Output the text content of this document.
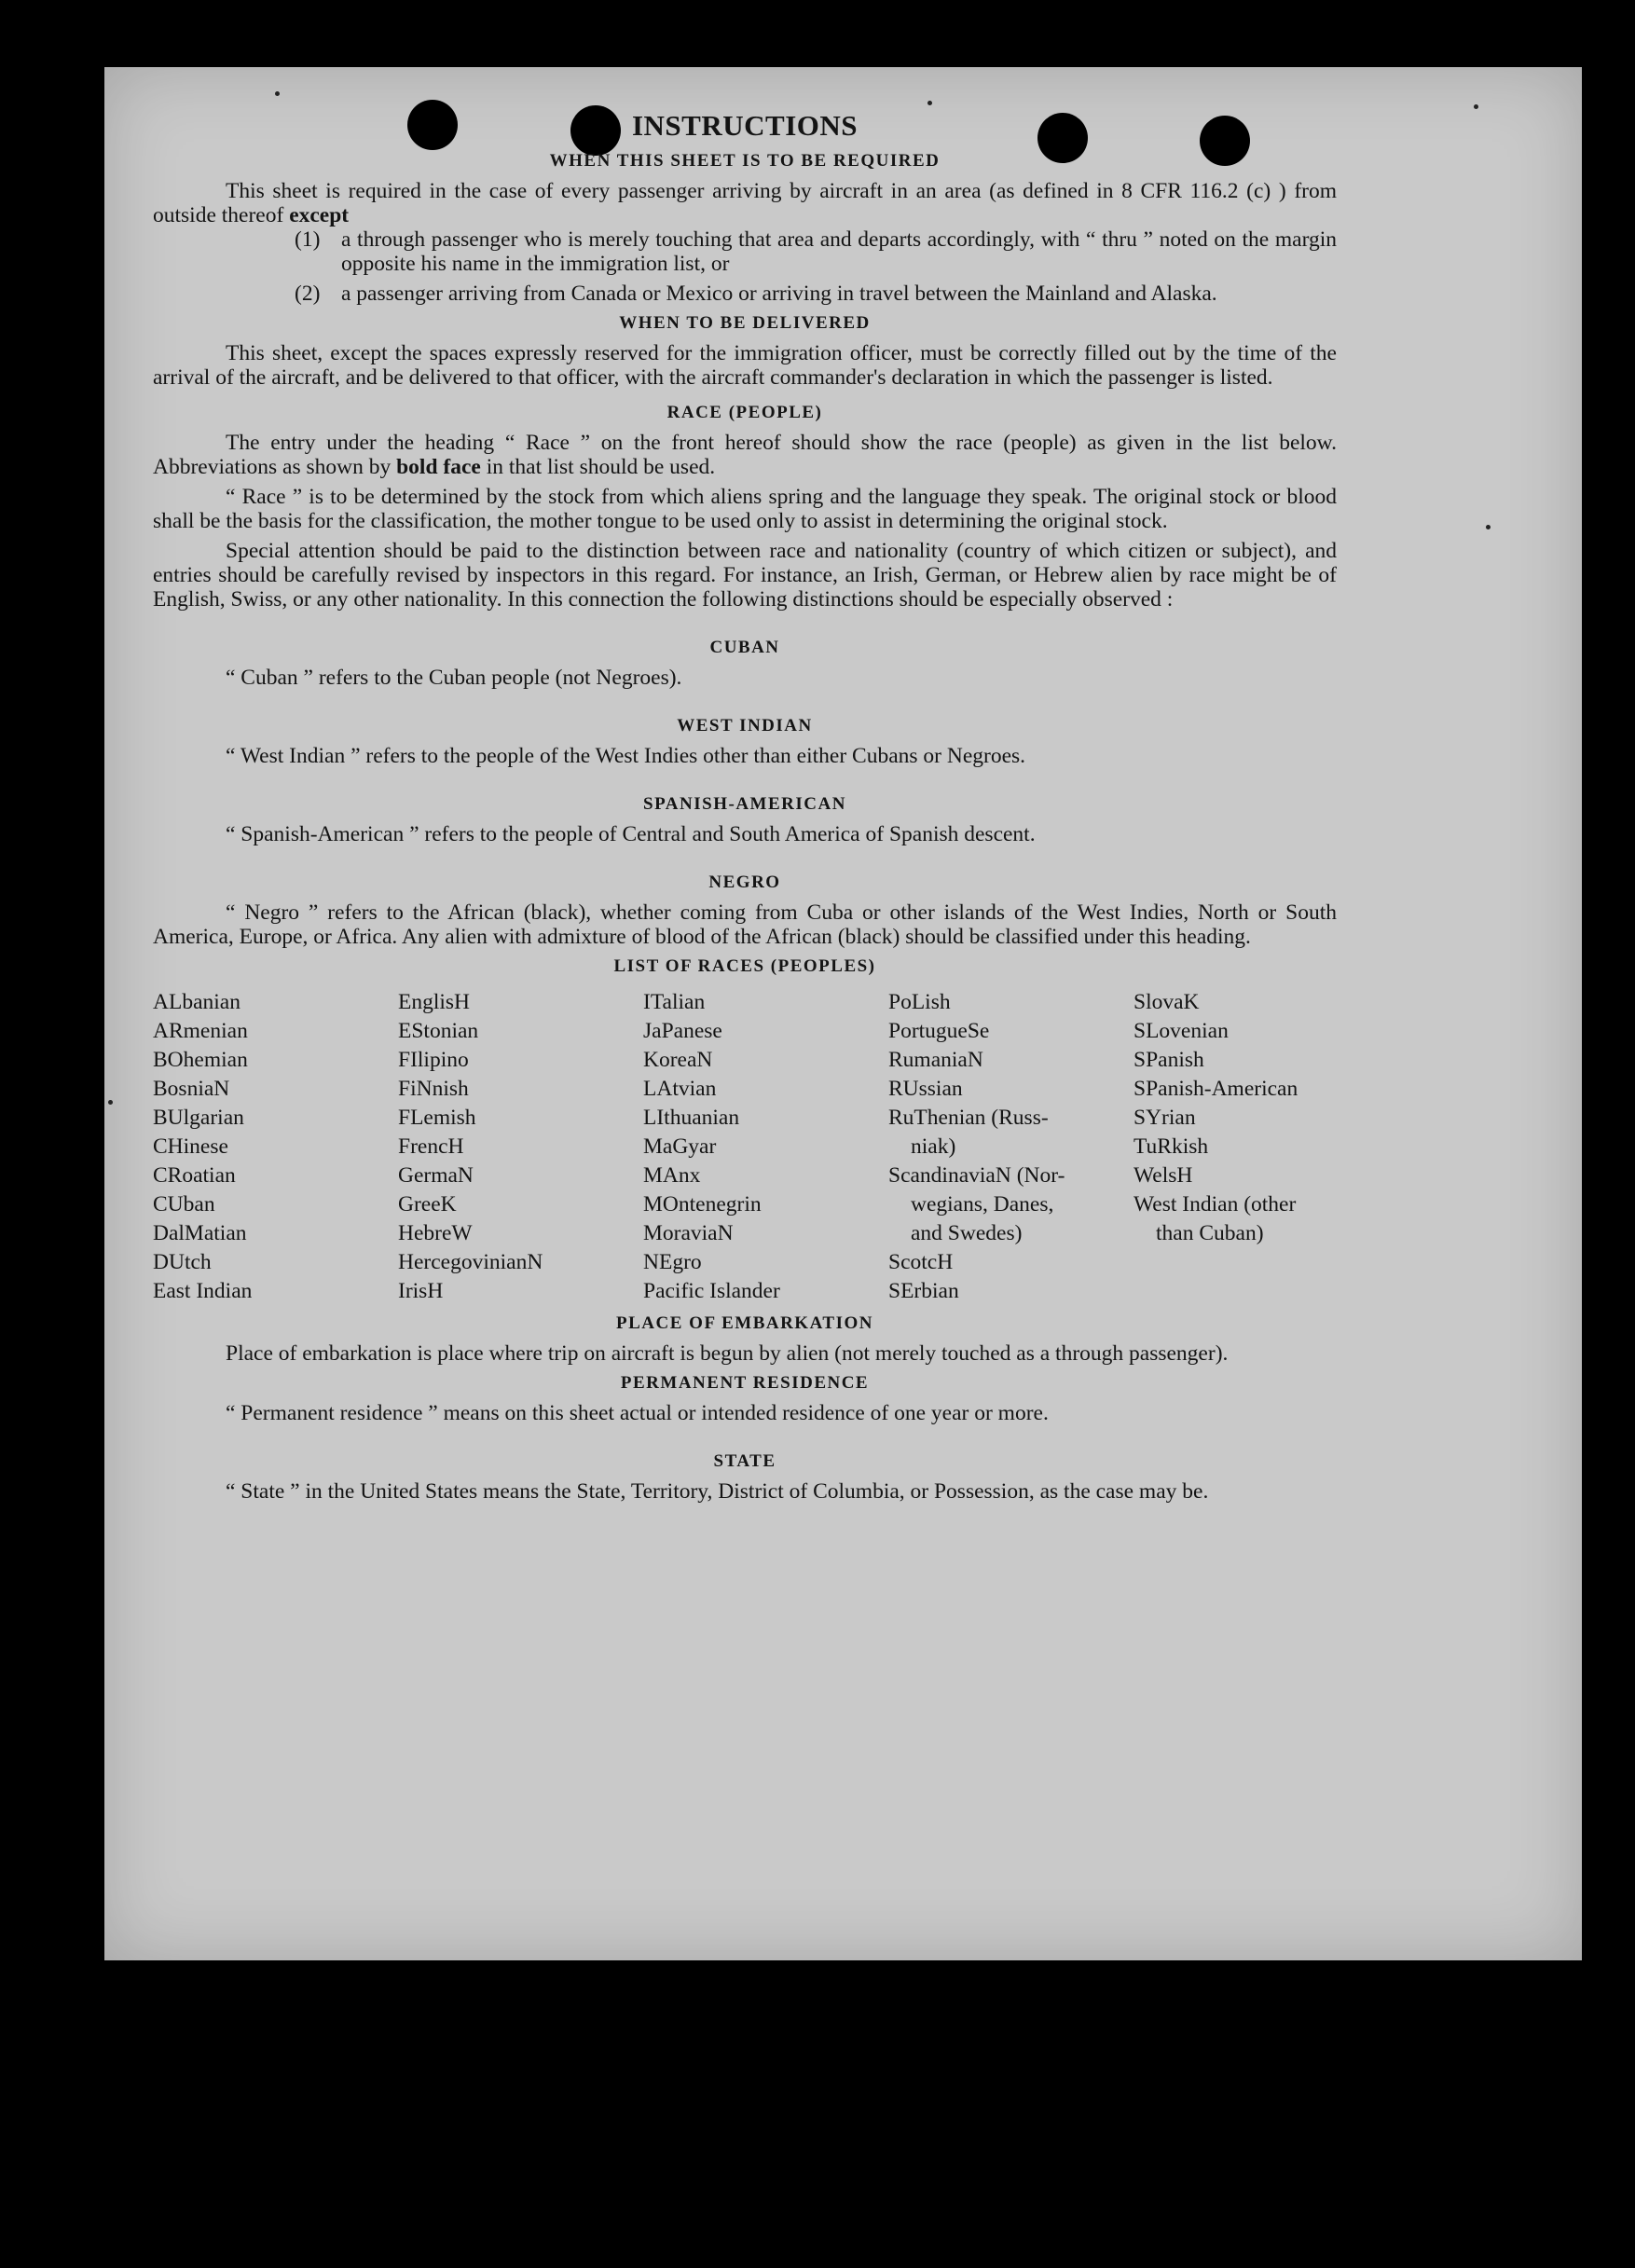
INSTRUCTIONS
WHEN THIS SHEET IS TO BE REQUIRED

This sheet is required in the case of every passenger arriving by aircraft in an area (as defined in 8 CFR 116.2 (c) ) from outside thereof except

(1) a through passenger who is merely touching that area and departs accordingly, with “ thru ” noted on the margin opposite his name in the immigration list, or
(2) a passenger arriving from Canada or Mexico or arriving in travel between the Mainland and Alaska.
WHEN TO BE DELIVERED

This sheet, except the spaces expressly reserved for the immigration officer, must be correctly filled out by the time of the arrival of the aircraft, and be delivered to that officer, with the aircraft commander's declaration in which the passenger is listed.

RACE (PEOPLE)

The entry under the heading “ Race ” on the front hereof should show the race (people) as given in the list below. Abbreviations as shown by bold face in that list should be used.

“ Race ” is to be determined by the stock from which aliens spring and the language they speak. The original stock or blood shall be the basis for the classification, the mother tongue to be used only to assist in determining the original stock.

Special attention should be paid to the distinction between race and nationality (country of which citizen or subject), and entries should be carefully revised by inspectors in this regard. For instance, an Irish, German, or Hebrew alien by race might be of English, Swiss, or any other nationality. In this connection the following distinctions should be especially observed :

CUBAN

“ Cuban ” refers to the Cuban people (not Negroes).

WEST INDIAN

“ West Indian ” refers to the people of the West Indies other than either Cubans or Negroes.

SPANISH-AMERICAN

“ Spanish-American ” refers to the people of Central and South America of Spanish descent.

NEGRO

“ Negro ” refers to the African (black), whether coming from Cuba or other islands of the West Indies, North or South America, Europe, or Africa. Any alien with admixture of blood of the African (black) should be classified under this heading.

LIST OF RACES (PEOPLES)
ALbanian
ARmenian
BOhemian
BosniaN
BUlgarian
CHinese
CRoatian
CUban
DalMatian
DUtch
East Indian
EnglisH
EStonian
FIlipino
FiNnish
FLemish
FrencH
GermaN
GreeK
HebreW
HercegovinianN
IrisH
ITalian
JaPanese
KoreaN
LAtvian
LIthuanian
MaGyar
MAnx
MOntenegrin
MoraviaN
NEgro
Pacific Islander
PoLish
PortugueSe
RumaniaN
RUssian
RuThenian (Russ-
niak)
ScandinaviaN (Nor-
wegians, Danes,
and Swedes)
ScotcH
SErbian
SlovaK
SLovenian
SPanish
SPanish-American
SYrian
TuRkish
WelsH
West Indian (other
than Cuban)
PLACE OF EMBARKATION

Place of embarkation is place where trip on aircraft is begun by alien (not merely touched as a through passenger).

PERMANENT RESIDENCE

“ Permanent residence ” means on this sheet actual or intended residence of one year or more.

STATE

“ State ” in the United States means the State, Territory, District of Columbia, or Possession, as the case may be.
